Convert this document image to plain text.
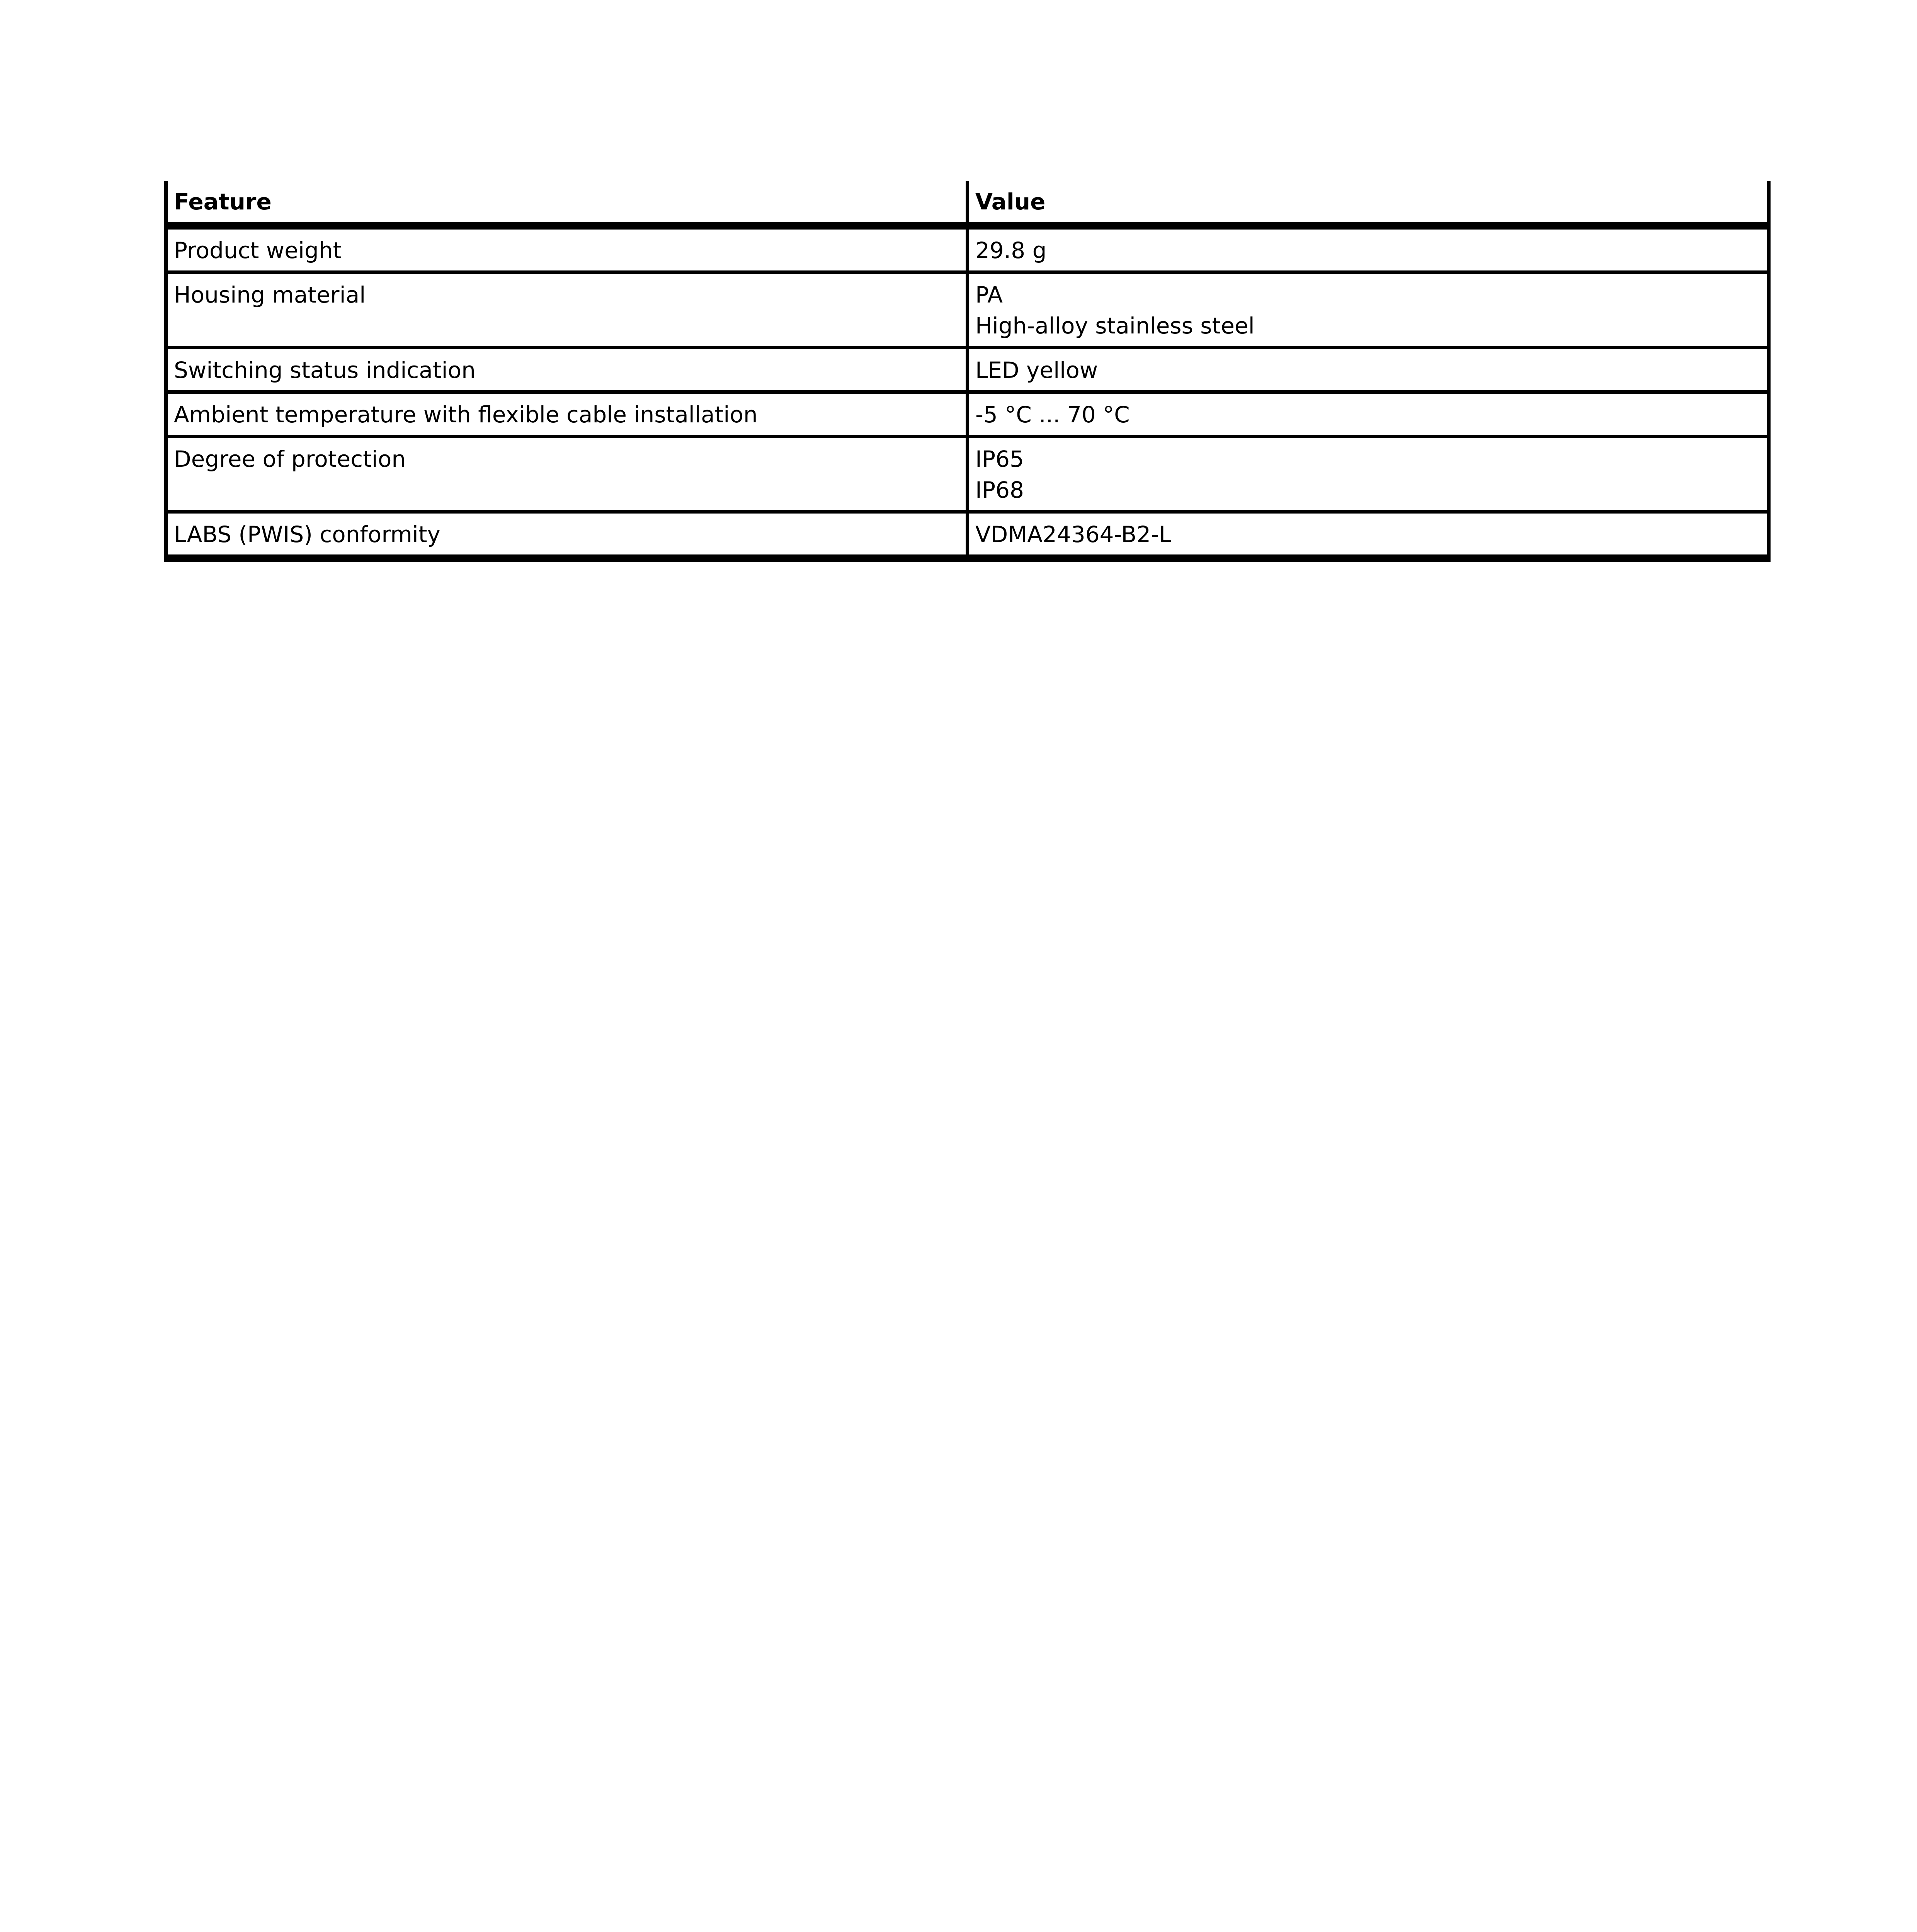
Feature	Value
Product weight	29.8 g

Housing material	PA
High-alloy stainless steel

Switching status indication	LED yellow

Ambient temperature with flexible cable installation	-5 °C ... 70 °C

Degree of protection	IP65
IP68

LABS (PWIS) conformity	VDMA24364-B2-L
